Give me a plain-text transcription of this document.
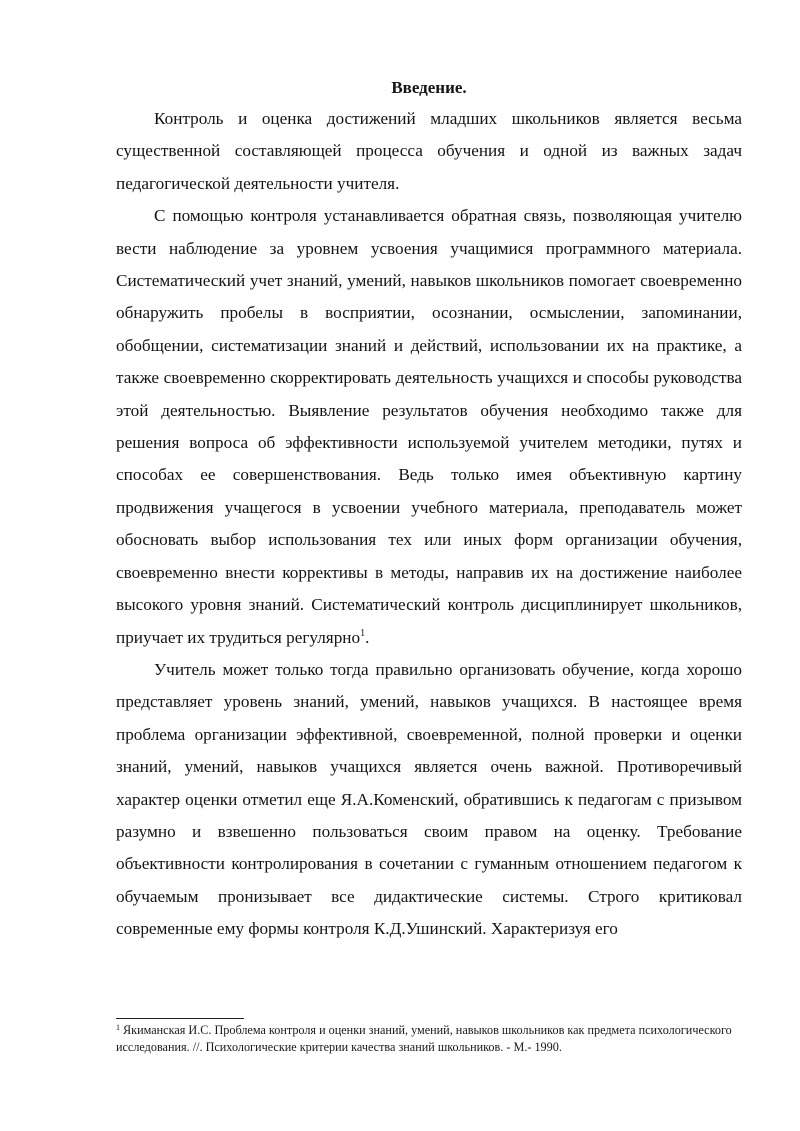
Введение.

Контроль и оценка достижений младших школьников является весьма существенной составляющей процесса обучения и одной из важных задач педагогической деятельности учителя.

С помощью контроля устанавливается обратная связь, позволяющая учителю вести наблюдение за уровнем усвоения учащимися программного материала. Систематический учет знаний, умений, навыков школьников помогает своевременно обнаружить пробелы в восприятии, осознании, осмыслении, запоминании, обобщении, систематизации знаний и действий, использовании их на практике, а также своевременно скорректировать деятельность учащихся и способы руководства этой деятельностью. Выявление результатов обучения необходимо также для решения вопроса об эффективности используемой учителем методики, путях и способах ее совершенствования. Ведь только имея объективную картину продвижения учащегося в усвоении учебного материала, преподаватель может обосновать выбор использования тех или иных форм организации обучения, своевременно внести коррективы в методы, направив их на достижение наиболее высокого уровня знаний. Систематический контроль дисциплинирует школьников, приучает их трудиться регулярно$^1$.

Учитель может только тогда правильно организовать обучение, когда хорошо представляет уровень знаний, умений, навыков учащихся. В настоящее время проблема организации эффективной, своевременной, полной проверки и оценки знаний, умений, навыков учащихся является очень важной. Противоречивый характер оценки отметил еще Я.А.Коменский, обратившись к педагогам с призывом разумно и взвешенно пользоваться своим правом на оценку. Требование объективности контролирования в сочетании с гуманным отношением педагогом к обучаемым пронизывает все дидактические системы. Строго критиковал современные ему формы контроля К.Д.Ушинский. Характеризуя его

$^1$ Якиманская И.С. Проблема контроля и оценки знаний, умений, навыков школьников как предмета психологического исследования. //. Психологические критерии качества знаний школьников. - М.- 1990.
